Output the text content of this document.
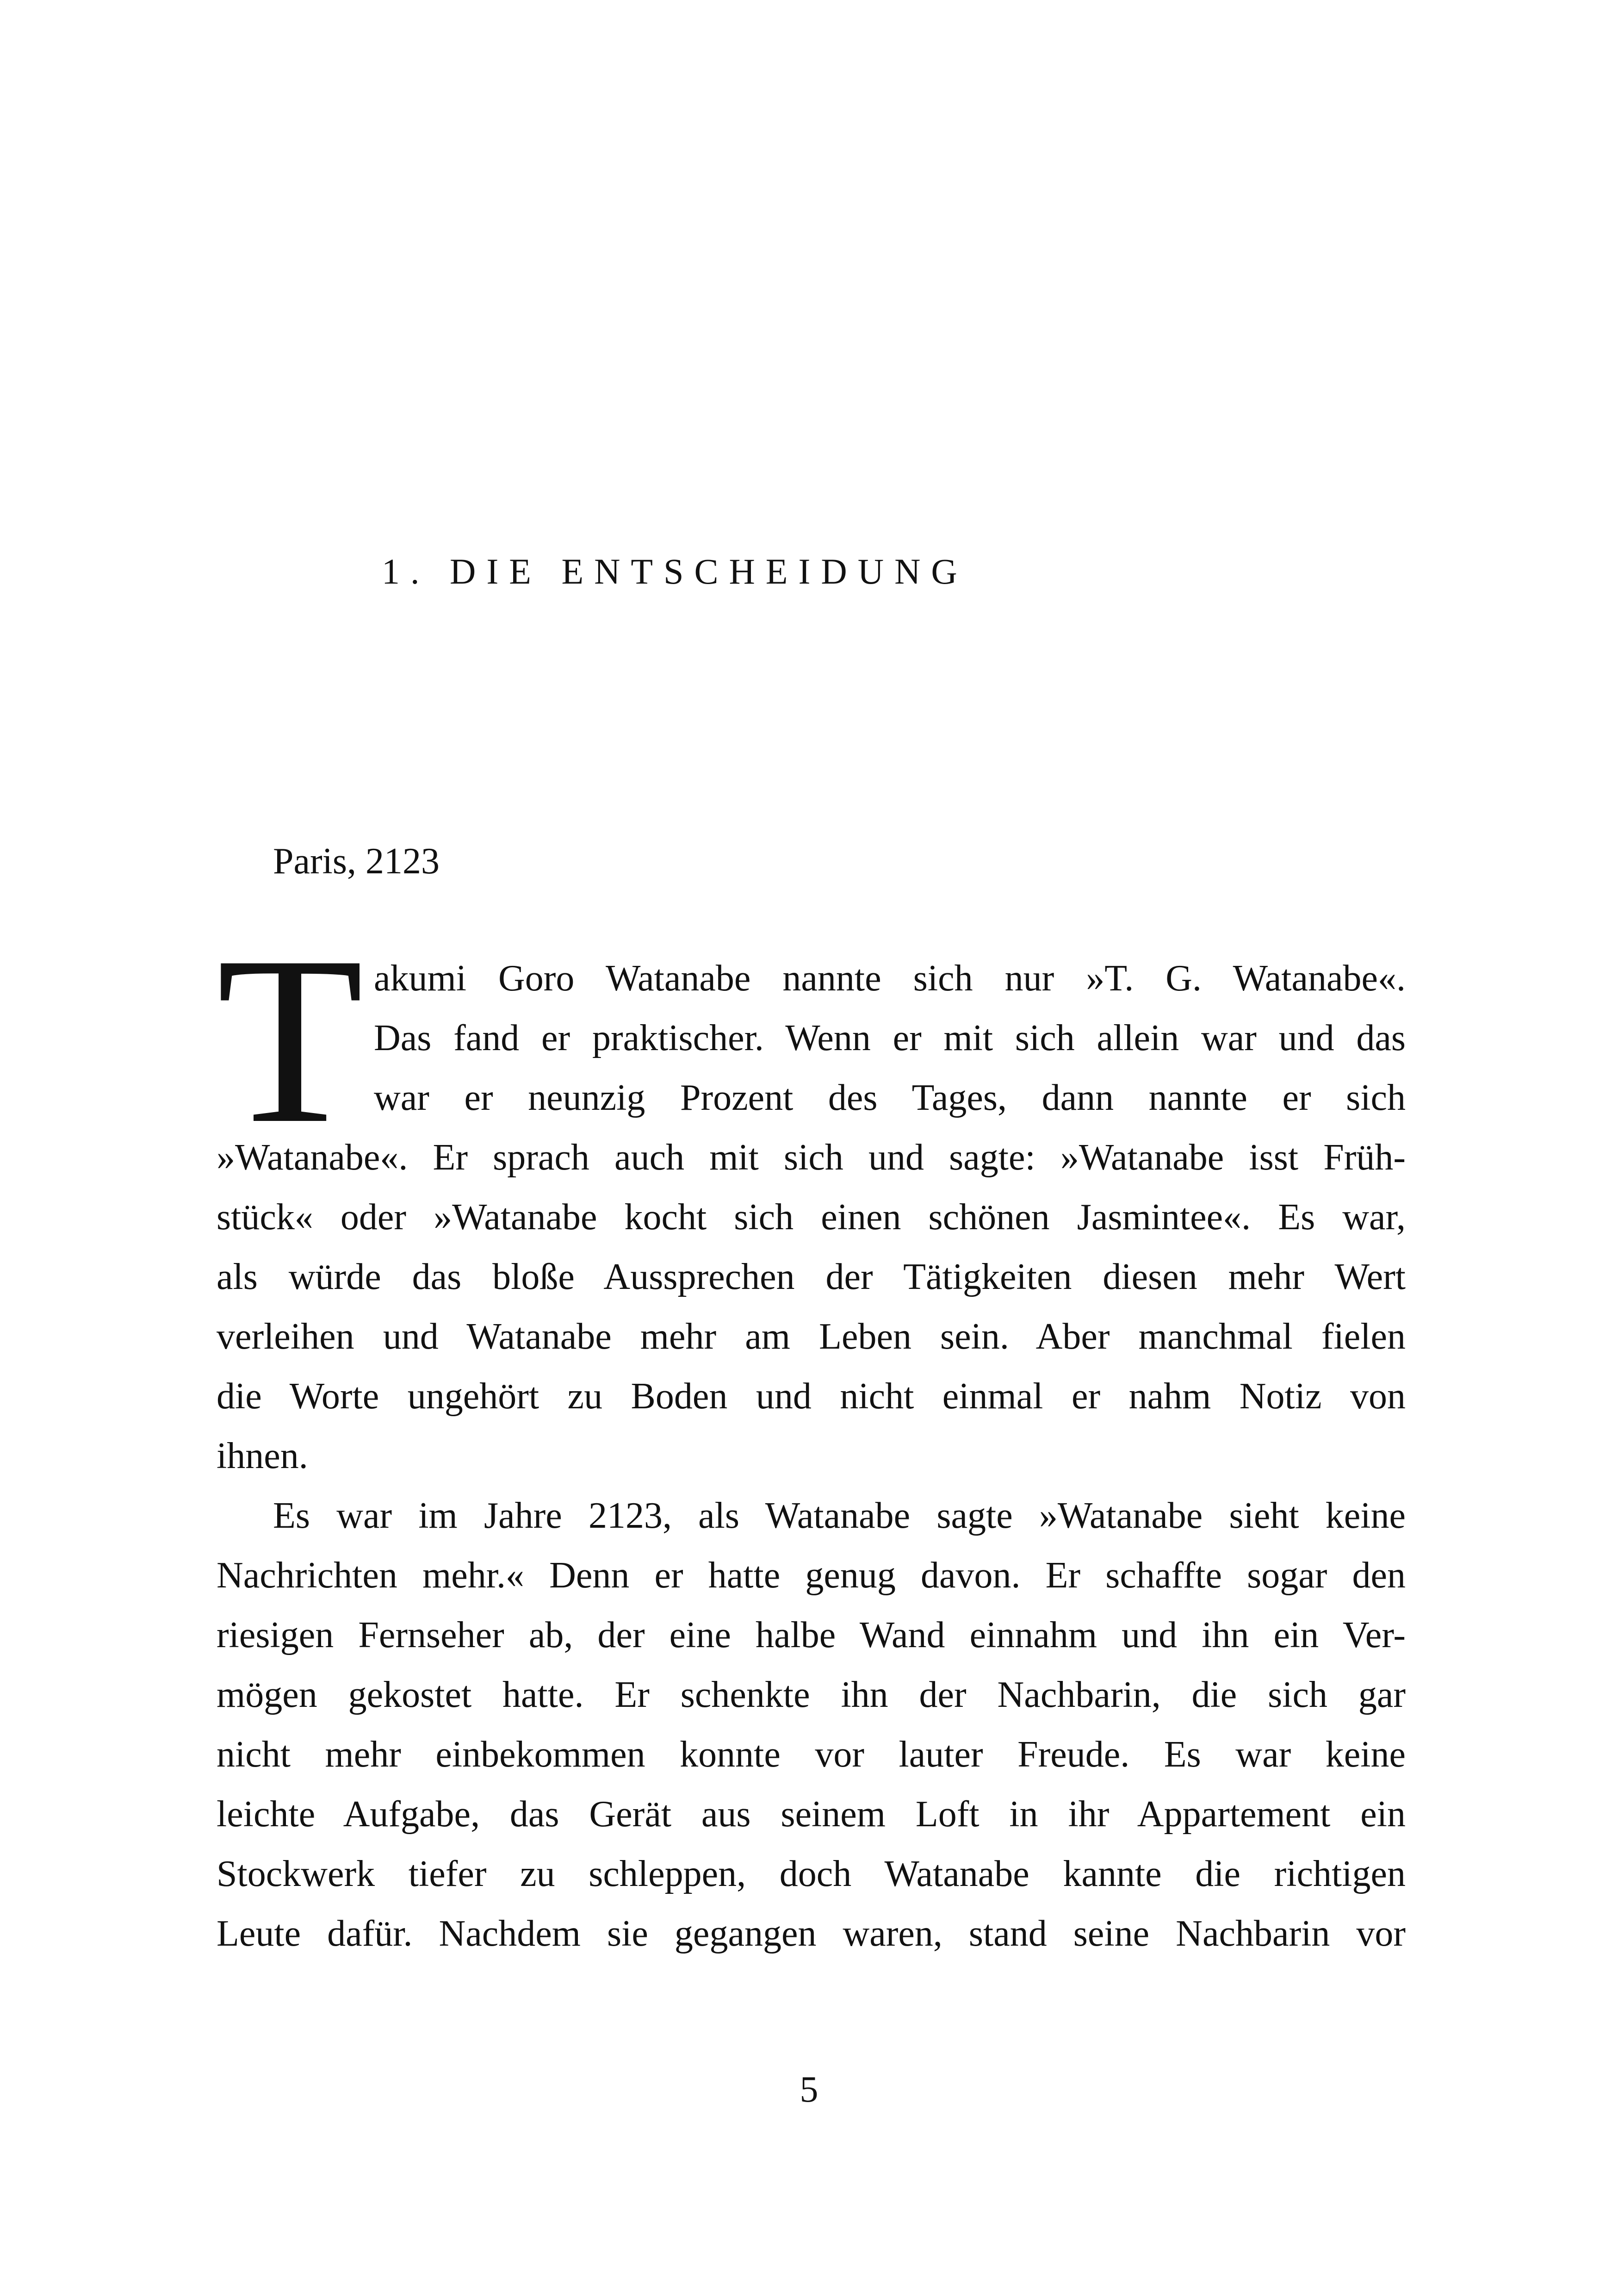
1. DIE ENTSCHEIDUNG
Paris, 2123
T akumi Goro Watanabe nannte sich nur »T. G. Watanabe«.
Das fand er praktischer. Wenn er mit sich allein war und das
war er neunzig Prozent des Tages, dann nannte er sich
»Watanabe«. Er sprach auch mit sich und sagte: »Watanabe isst Früh-
stück« oder »Watanabe kocht sich einen schönen Jasmintee«. Es war,
als würde das bloße Aussprechen der Tätigkeiten diesen mehr Wert
verleihen und Watanabe mehr am Leben sein. Aber manchmal fielen
die Worte ungehört zu Boden und nicht einmal er nahm Notiz von
ihnen.
Es war im Jahre 2123, als Watanabe sagte »Watanabe sieht keine
Nachrichten mehr.« Denn er hatte genug davon. Er schaffte sogar den
riesigen Fernseher ab, der eine halbe Wand einnahm und ihn ein Ver-
mögen gekostet hatte. Er schenkte ihn der Nachbarin, die sich gar
nicht mehr einbekommen konnte vor lauter Freude. Es war keine
leichte Aufgabe, das Gerät aus seinem Loft in ihr Appartement ein
Stockwerk tiefer zu schleppen, doch Watanabe kannte die richtigen
Leute dafür. Nachdem sie gegangen waren, stand seine Nachbarin vor
5
